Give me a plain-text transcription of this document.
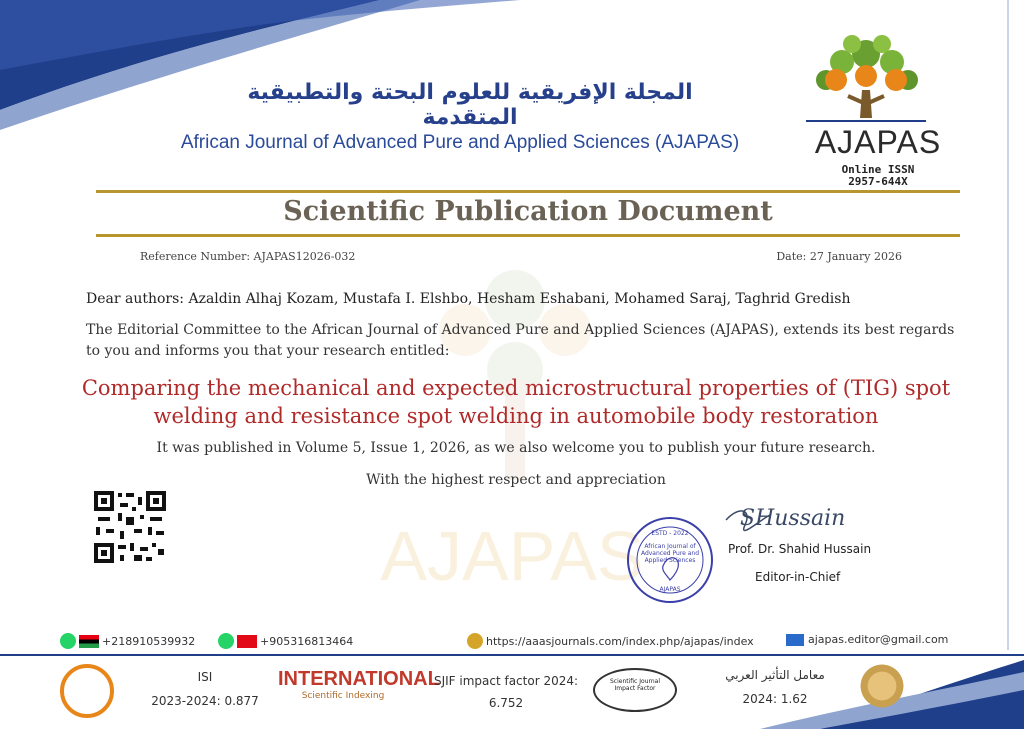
AJAPAS
المجلة الإفريقية للعلوم البحتة والتطبيقية المتقدمة
African Journal of Advanced Pure and Applied Sciences (AJAPAS)	AJAPAS
Online ISSN
2957-644X
Scientific Publication Document
Reference Number: AJAPAS12026-032	Date: 27 January 2026
Dear authors: Azaldin Alhaj Kozam, Mustafa I. Elshbo, Hesham Eshabani, Mohamed Saraj, Taghrid Gredish
The Editorial Committee to the African Journal of Advanced Pure and Applied Sciences (AJAPAS), extends its best regards to you and informs you that your research entitled:
Comparing the mechanical and expected microstructural properties of (TIG) spot welding and resistance spot welding in automobile body restoration
It was published in Volume 5, Issue 1, 2026, as we also welcome you to publish your future research.
With the highest respect and appreciation
ESTD - 2022
African Journal of
Advanced Pure and
Applied Sciences
AJAPAS
SHussain
Prof. Dr. Shahid Hussain
Editor-in-Chief
+218910539932	+905316813464	https://aaasjournals.com/index.php/ajapas/index	ajapas.editor@gmail.com
ISI
2023-2024: 0.877
INTERNATIONAL
Scientific Indexing
SJIF impact factor 2024:
6.752
Scientific Journal
Impact Factor
معامل التأثير العربي
2024: 1.62
